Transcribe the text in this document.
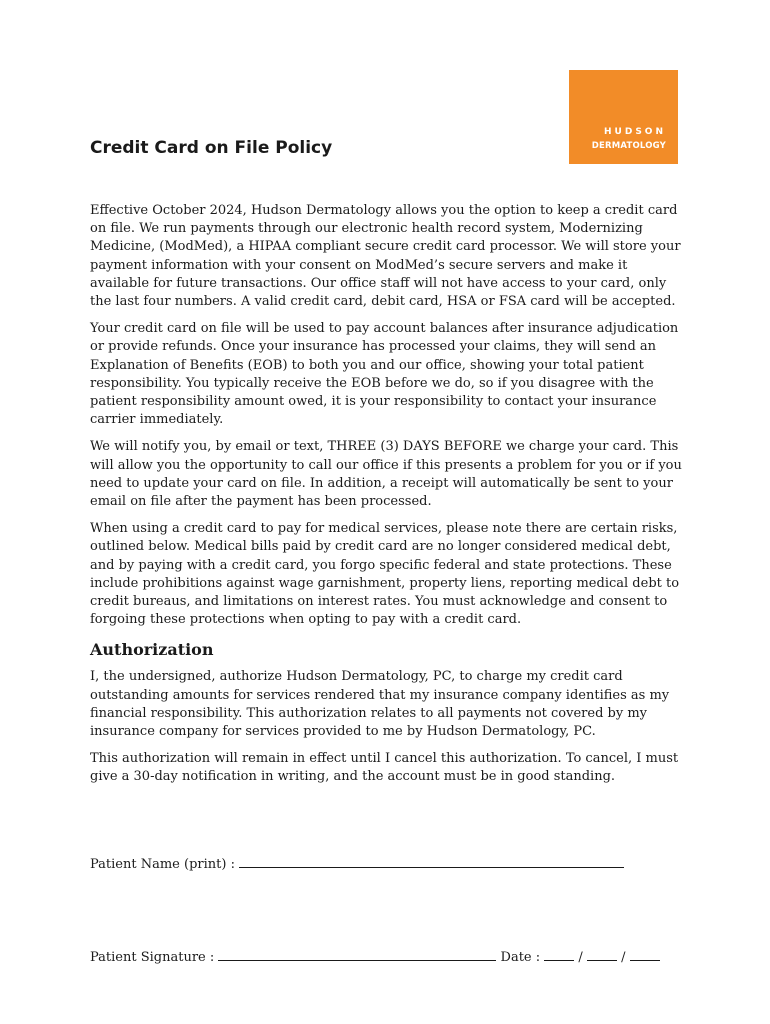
HUDSON
DERMATOLOGY
Credit Card on File Policy

Effective October 2024, Hudson Dermatology allows you the option to keep a credit card on file. We run payments through our electronic health record system, Modernizing Medicine, (ModMed), a HIPAA compliant secure credit card processor. We will store your payment information with your consent on ModMed’s secure servers and make it available for future transactions. Our office staff will not have access to your card, only the last four numbers. A valid credit card, debit card, HSA or FSA card will be accepted.

Your credit card on file will be used to pay account balances after insurance adjudication or provide refunds. Once your insurance has processed your claims, they will send an Explanation of Benefits (EOB) to both you and our office, showing your total patient responsibility. You typically receive the EOB before we do, so if you disagree with the patient responsibility amount owed, it is your responsibility to contact your insurance carrier immediately.

We will notify you, by email or text, THREE (3) DAYS BEFORE we charge your card. This will allow you the opportunity to call our office if this presents a problem for you or if you need to update your card on file. In addition, a receipt will automatically be sent to your email on file after the payment has been processed.

When using a credit card to pay for medical services, please note there are certain risks, outlined below. Medical bills paid by credit card are no longer considered medical debt, and by paying with a credit card, you forgo specific federal and state protections. These include prohibitions against wage garnishment, property liens, reporting medical debt to credit bureaus, and limitations on interest rates. You must acknowledge and consent to forgoing these protections when opting to pay with a credit card.

Authorization

I, the undersigned, authorize Hudson Dermatology, PC, to charge my credit card outstanding amounts for services rendered that my insurance company identifies as my financial responsibility. This authorization relates to all payments not covered by my insurance company for services provided to me by Hudson Dermatology, PC.

This authorization will remain in effect until I cancel this authorization. To cancel, I must give a 30-day notification in writing, and the account must be in good standing.

Patient Name (print) :
Patient Signature :	Date :	/	/
